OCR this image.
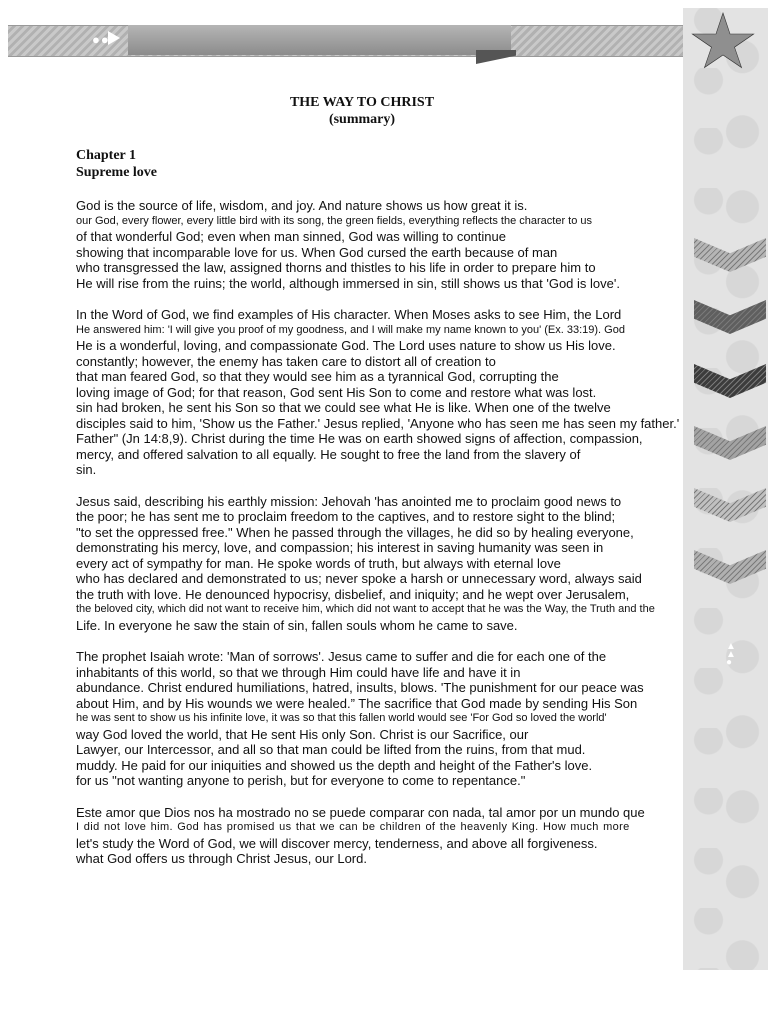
●●
▲
▲
●
THE WAY TO CHRIST
(summary)
Chapter 1
Supreme love
God is the source of life, wisdom, and joy. And nature shows us how great it is.
our God, every flower, every little bird with its song, the green fields, everything reflects the character to us
of that wonderful God; even when man sinned, God was willing to continue
showing that incomparable love for us. When God cursed the earth because of man
who transgressed the law, assigned thorns and thistles to his life in order to prepare him to
He will rise from the ruins; the world, although immersed in sin, still shows us that 'God is love'.
In the Word of God, we find examples of His character. When Moses asks to see Him, the Lord
He answered him: 'I will give you proof of my goodness, and I will make my name known to you' (Ex. 33:19). God
He is a wonderful, loving, and compassionate God. The Lord uses nature to show us His love.
constantly; however, the enemy has taken care to distort all of creation to
that man feared God, so that they would see him as a tyrannical God, corrupting the
loving image of God; for that reason, God sent His Son to come and restore what was lost.
sin had broken, he sent his Son so that we could see what He is like. When one of the twelve
disciples said to him, 'Show us the Father.' Jesus replied, 'Anyone who has seen me has seen my father.'
Father" (Jn 14:8,9). Christ during the time He was on earth showed signs of affection, compassion,
mercy, and offered salvation to all equally. He sought to free the land from the slavery of
sin.
Jesus said, describing his earthly mission: Jehovah 'has anointed me to proclaim good news to
the poor; he has sent me to proclaim freedom to the captives, and to restore sight to the blind;
"to set the oppressed free." When he passed through the villages, he did so by healing everyone,
demonstrating his mercy, love, and compassion; his interest in saving humanity was seen in
every act of sympathy for man. He spoke words of truth, but always with eternal love
who has declared and demonstrated to us; never spoke a harsh or unnecessary word, always said
the truth with love. He denounced hypocrisy, disbelief, and iniquity; and he wept over Jerusalem,
the beloved city, which did not want to receive him, which did not want to accept that he was the Way, the Truth and the
Life. In everyone he saw the stain of sin, fallen souls whom he came to save.
The prophet Isaiah wrote: 'Man of sorrows'. Jesus came to suffer and die for each one of the
inhabitants of this world, so that we through Him could have life and have it in
abundance. Christ endured humiliations, hatred, insults, blows. 'The punishment for our peace was
about Him, and by His wounds we were healed.” The sacrifice that God made by sending His Son
he was sent to show us his infinite love, it was so that this fallen world would see 'For God so loved the world'
way God loved the world, that He sent His only Son. Christ is our Sacrifice, our
Lawyer, our Intercessor, and all so that man could be lifted from the ruins, from that mud.
muddy. He paid for our iniquities and showed us the depth and height of the Father's love.
for us "not wanting anyone to perish, but for everyone to come to repentance."
Este amor que Dios nos ha mostrado no se puede comparar con nada, tal amor por un mundo que
I did not love him. God has promised us that we can be children of the heavenly King. How much more
let's study the Word of God, we will discover mercy, tenderness, and above all forgiveness.
what God offers us through Christ Jesus, our Lord.
